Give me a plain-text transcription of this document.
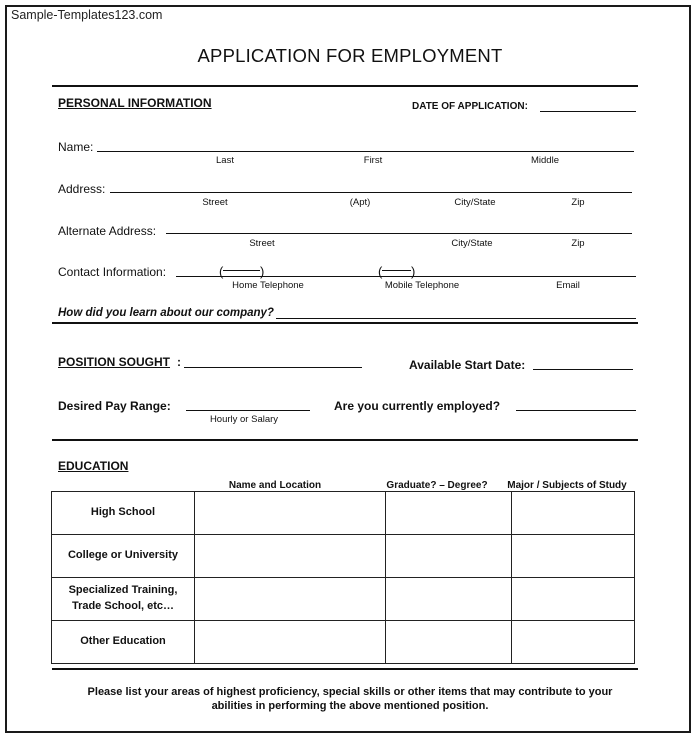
Sample-Templates123.com
APPLICATION FOR EMPLOYMENT
PERSONAL INFORMATION	DATE OF APPLICATION:
Name:
Last	First	Middle
Address:
Street	(Apt)	City/State	Zip
Alternate Address:
Street	City/State	Zip
Contact Information:	(	)	( )
Home Telephone	Mobile Telephone	Email
How did you learn about our company?
POSITION SOUGHT :	Available Start Date:
Desired Pay Range:
Hourly or Salary
Are you currently employed?
EDUCATION
Name and Location	Graduate? – Degree?	Major / Subjects of Study
High School			
College or University			
Specialized Training, Trade School, etc…			
Other Education			
Please list your areas of highest proficiency, special skills or other items that may contribute to your
abilities in performing the above mentioned position.
